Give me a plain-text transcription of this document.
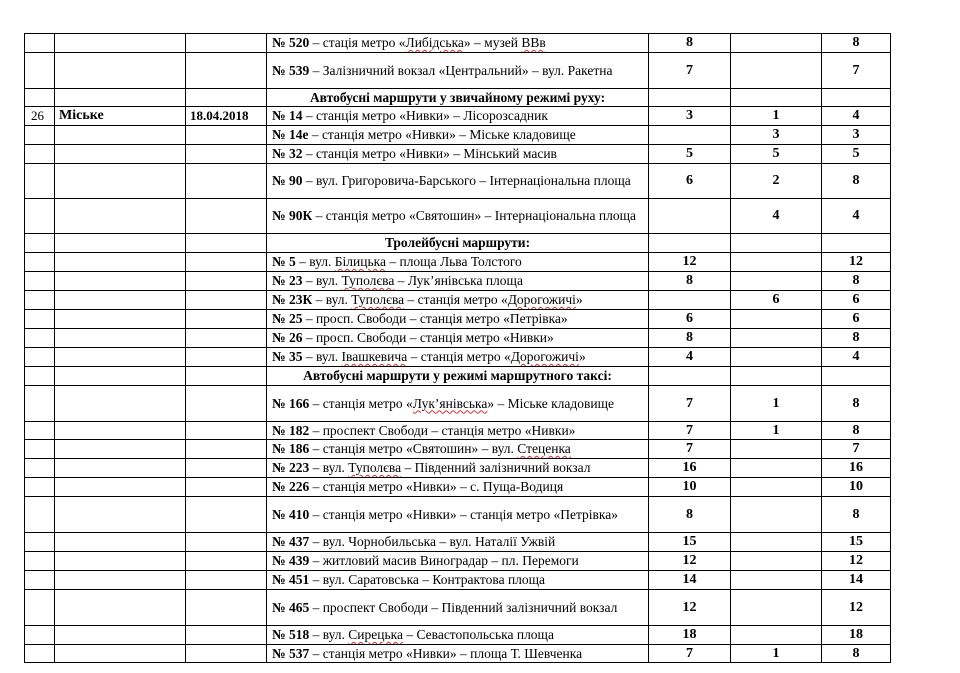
			№ 520 – стація метро «Либідська» – музей ВВв	8		8
			№ 539 – Залізничний вокзал «Центральний» – вул. Ракетна	7		7
			Автобусні маршрути у звичайному режимі руху:			
26	Міське	18.04.2018	№ 14 – станція метро «Нивки» – Лісорозсадник	3	1	4
			№ 14е – станція метро «Нивки» – Міське кладовище		3	3
			№ 32 – станція метро «Нивки» – Мінський масив	5	5	5
			№ 90 – вул. Григоровича-Барського – Інтернаціональна площа	6	2	8
			№ 90К – станція метро «Святошин» – Інтернаціональна площа		4	4
			Тролейбусні маршрути:			
			№ 5 – вул. Білицька – площа Льва Толстого	12		12
			№ 23 – вул. Туполєва – Лук’янівська площа	8		8
			№ 23К – вул. Туполєва – станція метро «Дорогожичі»		6	6
			№ 25 – просп. Свободи – станція метро «Петрівка»	6		6
			№ 26 – просп. Свободи – станція метро «Нивки»	8		8
			№ 35 – вул. Івашкевича – станція метро «Дорогожичі»	4		4
			Автобусні маршрути у режимі маршрутного таксі:			
			№ 166 – станція метро «Лук’янівська» – Міське кладовище	7	1	8
			№ 182 – проспект Свободи – станція метро «Нивки»	7	1	8
			№ 186 – станція метро «Святошин» – вул. Стеценка	7		7
			№ 223 – вул. Туполєва – Південний залізничний вокзал	16		16
			№ 226 – станція метро «Нивки» – с. Пуща-Водиця	10		10
			№ 410 – станція метро «Нивки» – станція метро «Петрівка»	8		8
			№ 437 – вул. Чорнобильська – вул. Наталії Ужвій	15		15
			№ 439 – житловий масив Виноградар – пл. Перемоги	12		12
			№ 451 – вул. Саратовська – Контрактова площа	14		14
			№ 465 – проспект Свободи – Південний залізничний вокзал	12		12
			№ 518 – вул. Сирецька – Севастопольська площа	18		18
			№ 537 – станція метро «Нивки» – площа Т. Шевченка	7	1	8
